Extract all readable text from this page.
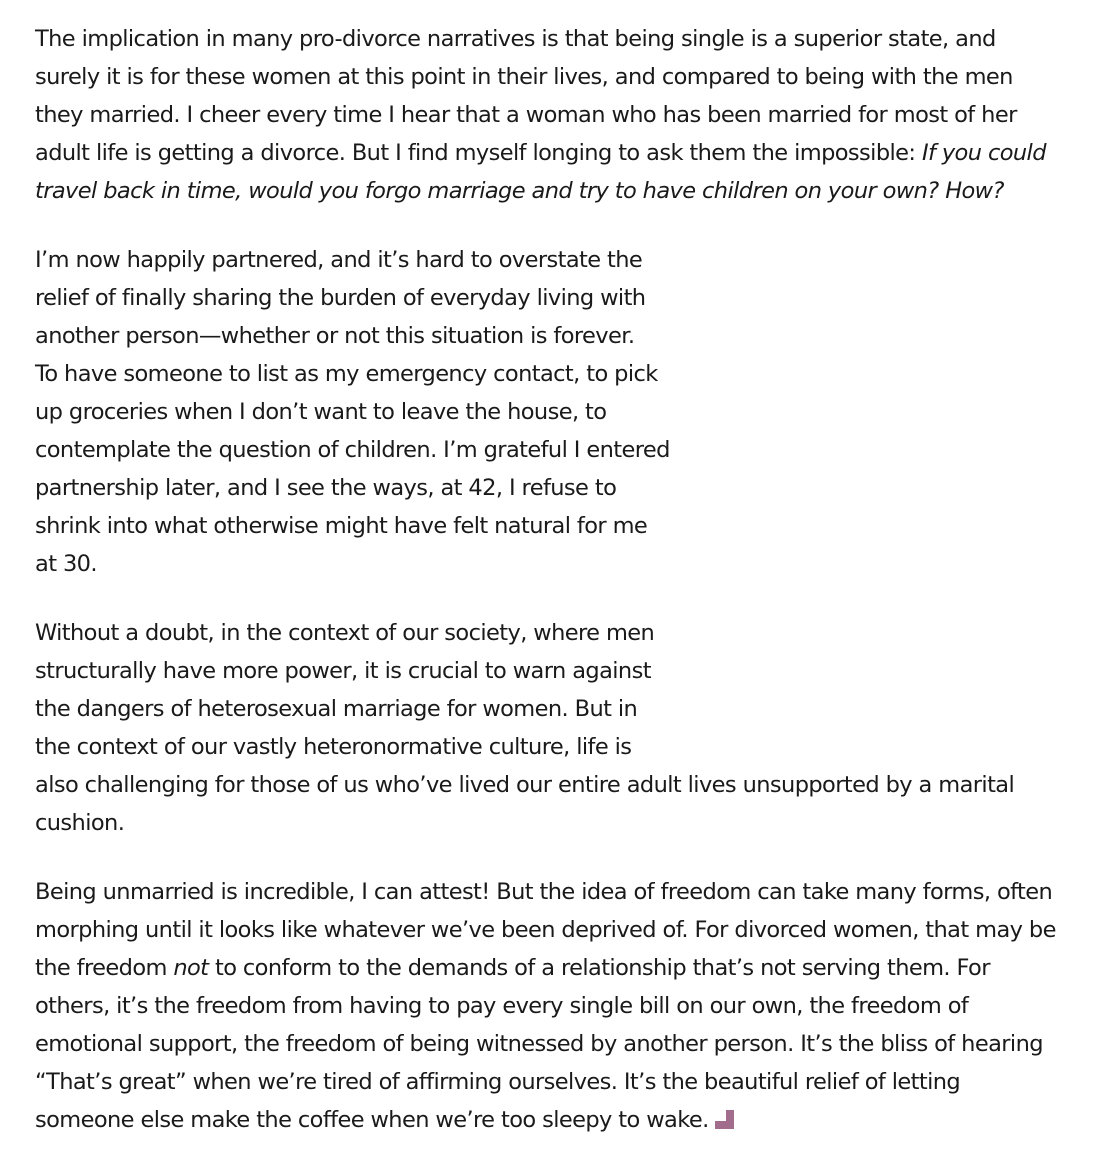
The implication in many pro-divorce narratives is that being single is a superior state, and
surely it is for these women at this point in their lives, and compared to being with the men
they married. I cheer every time I hear that a woman who has been married for most of her
adult life is getting a divorce. But I find myself longing to ask them the impossible: If you could
travel back in time, would you forgo marriage and try to have children on your own? How?

I’m now happily partnered, and it’s hard to overstate the
relief of finally sharing the burden of everyday living with
another person—whether or not this situation is forever.
To have someone to list as my emergency contact, to pick
up groceries when I don’t want to leave the house, to
contemplate the question of children. I’m grateful I entered
partnership later, and I see the ways, at 42, I refuse to
shrink into what otherwise might have felt natural for me
at 30.

Without a doubt, in the context of our society, where men
structurally have more power, it is crucial to warn against
the dangers of heterosexual marriage for women. But in
the context of our vastly heteronormative culture, life is
also challenging for those of us who’ve lived our entire adult lives unsupported by a marital
cushion.

Being unmarried is incredible, I can attest! But the idea of freedom can take many forms, often
morphing until it looks like whatever we’ve been deprived of. For divorced women, that may be
the freedom not to conform to the demands of a relationship that’s not serving them. For
others, it’s the freedom from having to pay every single bill on our own, the freedom of
emotional support, the freedom of being witnessed by another person. It’s the bliss of hearing
“That’s great” when we’re tired of affirming ourselves. It’s the beautiful relief of letting
someone else make the coffee when we’re too sleepy to wake.
